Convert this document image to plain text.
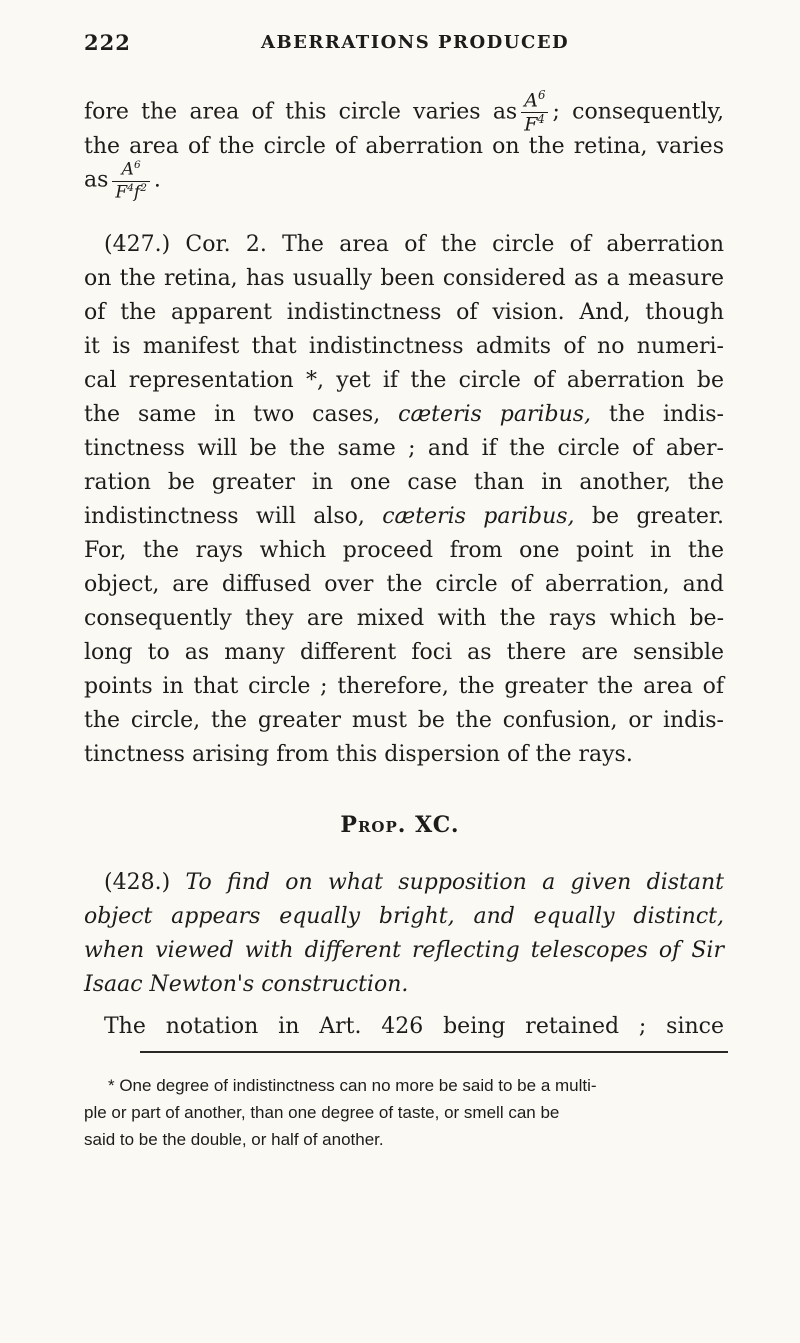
222	ABERRATIONS PRODUCED
fore the area of this circle varies as $\frac{A^6}{F^4}$ ; consequently,
the area of the circle of aberration on the retina, varies
as $\frac{A^6}{F^4f^2}$ .
(427.) Cor. 2. The area of the circle of aberration
on the retina, has usually been considered as a measure
of the apparent indistinctness of vision. And, though
it is manifest that indistinctness admits of no numeri-
cal representation *, yet if the circle of aberration be
the same in two cases, cæteris paribus, the indis-
tinctness will be the same ; and if the circle of aber-
ration be greater in one case than in another, the
indistinctness will also, cæteris paribus, be greater.
For, the rays which proceed from one point in the
object, are diffused over the circle of aberration, and
consequently they are mixed with the rays which be-
long to as many different foci as there are sensible
points in that circle ; therefore, the greater the area of
the circle, the greater must be the confusion, or indis-
tinctness arising from this dispersion of the rays.
Prop. XC.
(428.) To find on what supposition a given distant
object appears equally bright, and equally distinct,
when viewed with different reflecting telescopes of Sir
Isaac Newton's construction.
The notation in Art. 426 being retained ; since
* One degree of indistinctness can no more be said to be a multi-
ple or part of another, than one degree of taste, or smell can be
said to be the double, or half of another.
